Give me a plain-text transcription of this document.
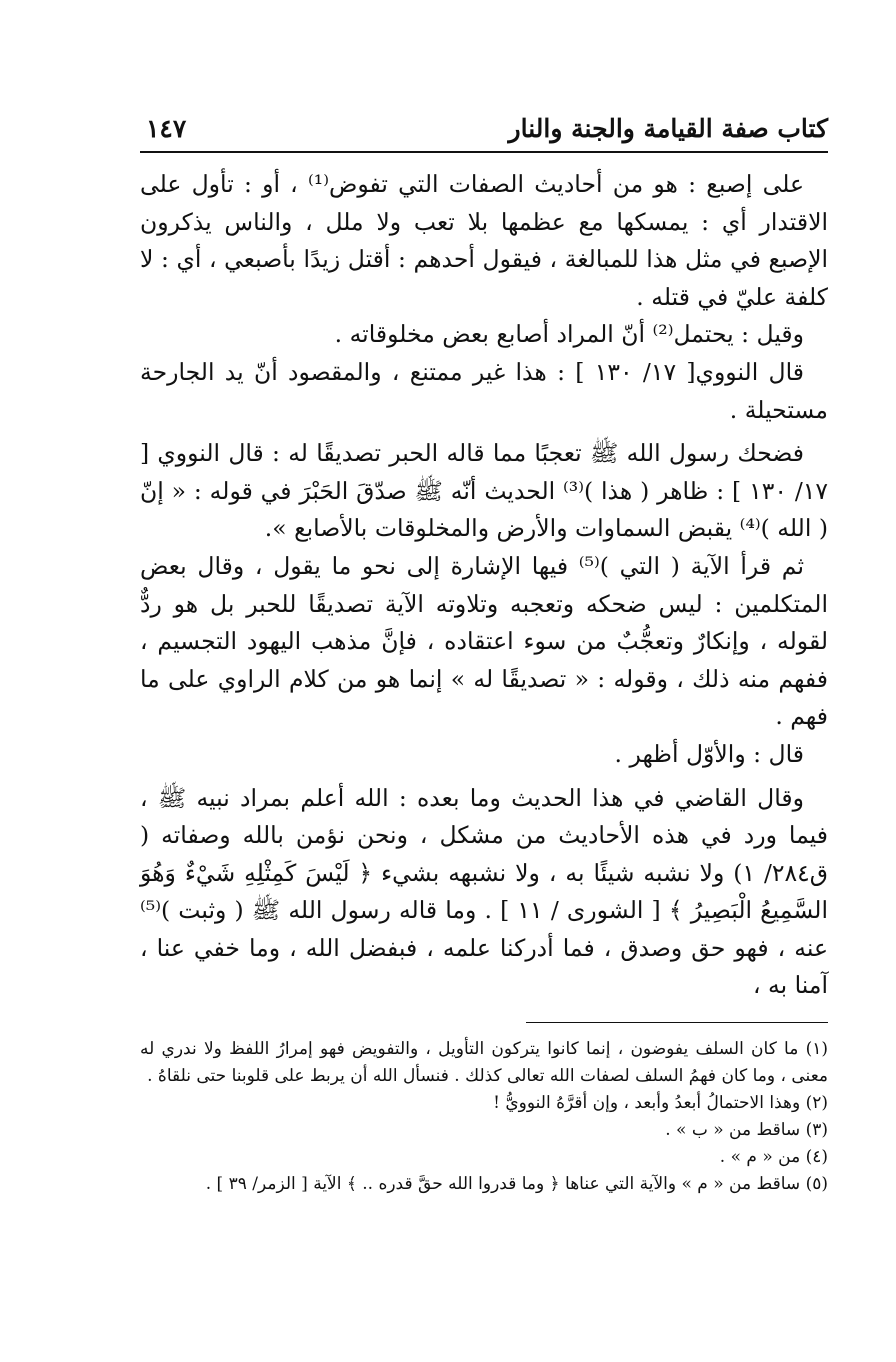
كتاب صفة القيامة والجنة والنار
١٤٧

على إصبع : هو من أحاديث الصفات التي تفوض⁽¹⁾ ، أو : تأول على الاقتدار أي : يمسكها مع عظمها بلا تعب ولا ملل ، والناس يذكرون الإصبع في مثل هذا للمبالغة ، فيقول أحدهم : أقتل زيدًا بأصبعي ، أي : لا كلفة عليّ في قتله .

وقيل : يحتمل⁽²⁾ أنّ المراد أصابع بعض مخلوقاته .

قال النووي[ ١٧/ ١٣٠ ] : هذا غير ممتنع ، والمقصود أنّ يد الجارحة مستحيلة .

فضحك رسول الله ﷺ تعجبًا مما قاله الحبر تصديقًا له : قال النووي [ ١٧/ ١٣٠ ] : ظاهر ( هذا )⁽³⁾ الحديث أنّه ﷺ صدّقَ الحَبْرَ في قوله : « إنّ ( الله )⁽⁴⁾ يقبض السماوات والأرض والمخلوقات بالأصابع ».

ثم قرأ الآية ( التي )⁽⁵⁾ فيها الإشارة إلى نحو ما يقول ، وقال بعض المتكلمين : ليس ضحكه وتعجبه وتلاوته الآية تصديقًا للحبر بل هو ردٌّ لقوله ، وإنكارٌ وتعجُّبٌ من سوء اعتقاده ، فإنَّ مذهب اليهود التجسيم ، ففهم منه ذلك ، وقوله : « تصديقًا له » إنما هو من كلام الراوي على ما فهم .

قال : والأوّل أظهر .

وقال القاضي في هذا الحديث وما بعده : الله أعلم بمراد نبيه ﷺ ، فيما ورد في هذه الأحاديث من مشكل ، ونحن نؤمن بالله وصفاته ( ق٢٨٤/ ١) ولا نشبه شيئًا به ، ولا نشبهه بشيء ﴿ لَيْسَ كَمِثْلِهِ شَيْءٌ وَهُوَ السَّمِيعُ الْبَصِيرُ ﴾ [ الشورى / ١١ ] . وما قاله رسول الله ﷺ ( وثبت )⁽⁵⁾ عنه ، فهو حق وصدق ، فما أدركنا علمه ، فبفضل الله ، وما خفي عنا ، آمنا به ،

(١) ما كان السلف يفوضون ، إنما كانوا يتركون التأويل ، والتفويض فهو إمرارُ اللفظ ولا ندري له معنى ، وما كان فهمُ السلف لصفات الله تعالى كذلك . فنسأل الله أن يربط على قلوبنا حتى نلقاهُ .

(٢) وهذا الاحتمالُ أبعدُ وأبعد ، وإن أقرَّهُ النوويُّ !

(٣) ساقط من « ب » .

(٤) من « م » .

(٥) ساقط من « م » والآية التي عناها ﴿ وما قدروا الله حقَّ قدره .. ﴾ الآية [ الزمر/ ٣٩ ] .
